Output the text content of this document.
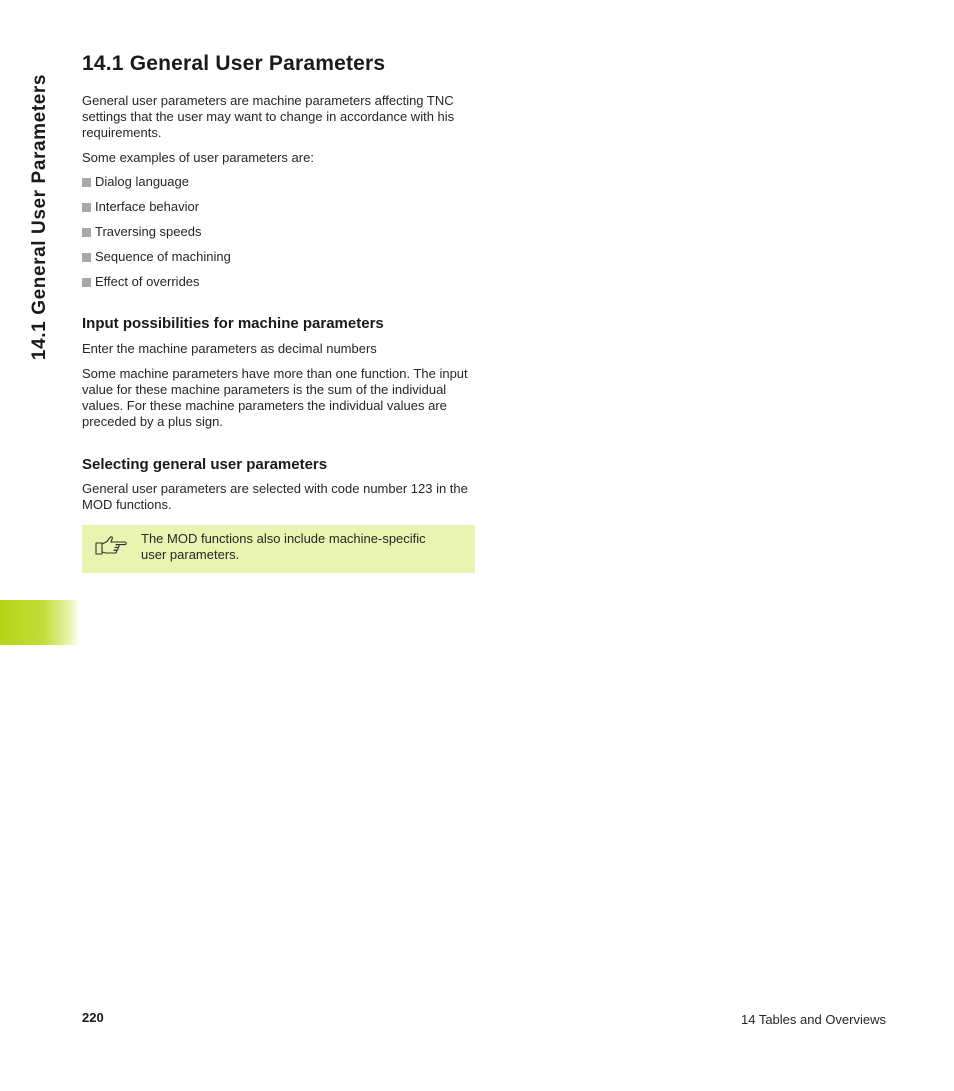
14.1 General User Parameters
14.1 General User Parameters

General user parameters are machine parameters affecting TNC settings that the user may want to change in accordance with his requirements.

Some examples of user parameters are:

Dialog language
Interface behavior
Traversing speeds
Sequence of machining
Effect of overrides
Input possibilities for machine parameters

Enter the machine parameters as decimal numbers

Some machine parameters have more than one function. The input value for these machine parameters is the sum of the individual values. For these machine parameters the individual values are preceded by a plus sign.

Selecting general user parameters

General user parameters are selected with code number 123 in the MOD functions.

The MOD functions also include machine-specific user parameters.
220	14 Tables and Overviews
